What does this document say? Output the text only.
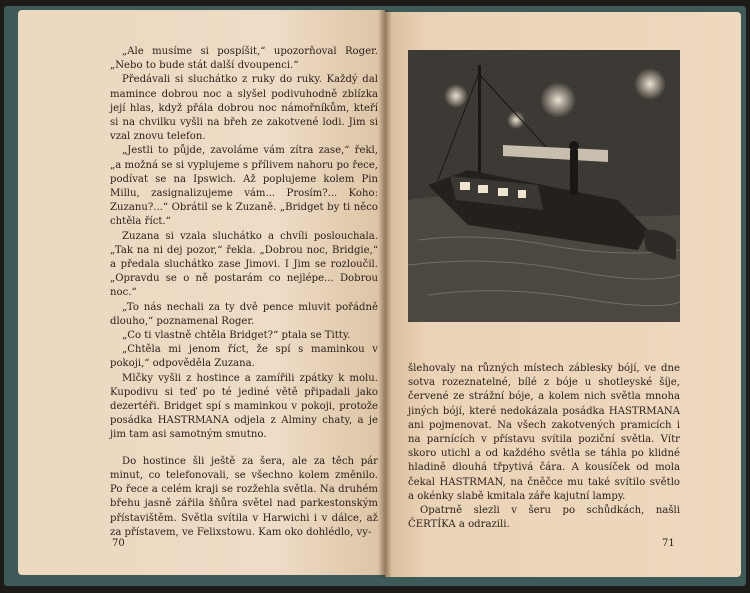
„Ale musíme si pospíšit,“ upozorňoval Roger. „Nebo to bude stát další dvoupenci.“

Předávali si sluchátko z ruky do ruky. Každý dal mamince dobrou noc a slyšel podivuhodně zblízka její hlas, když přála dobrou noc námořníkům, kteří si na chvilku vyšli na břeh ze zakotvené lodi. Jim si vzal znovu telefon.

„Jestli to půjde, zavoláme vám zítra zase,“ řekl, „a možná se si vyplujeme s přílivem nahoru po řece, podívat se na Ipswich. Až poplujeme kolem Pin Millu, zasignalizujeme vám... Prosím?... Kohoː Zuzanu?...“ Obrátil se k Zuzaně. „Bridget by ti něco chtěla říct.“

Zuzana si vzala sluchátko a chvíli poslouchala. „Tak na ni dej pozor,“ řekla. „Dobrou noc, Bridgie,“ a předala sluchátko zase Jimovi. I Jim se rozloučil. „Opravdu se o ně postarám co nejlépe... Dobrou noc.“

„To nás nechali za ty dvě pence mluvit pořádně dlouho,“ poznamenal Roger.

„Co ti vlastně chtěla Bridget?“ ptala se Titty.

„Chtěla mi jenom říct, že spí s maminkou v pokoji,“ odpověděla Zuzana.

Mlčky vyšli z hostince a zamířili zpátky k molu. Kupodivu si teď po té jediné větě připadali jako dezertéři. Bridget spí s maminkou v pokoji, protože posádka HASTRMANA odjela z Alminy chaty, a je jim tam asi samotným smutno.

Do hostince šli ještě za šera, ale za těch pár minut, co telefonovali, se všechno kolem změnilo. Po řece a celém kraji se rozžehla světla. Na druhém břehu jasně zářila šňůra světel nad parkestonským přístavištěm. Světla svítila v Harwichi i v dálce, až za přístavem, ve Felixstowu. Kam oko dohlédlo, vy-

70

šlehovaly na různých místech záblesky bójí, ve dne sotva rozeznatelné, bílé z bóje u shotleyské šíje, červené ze strážní bóje, a kolem nich světla mnoha jiných bójí, které nedokázala posádka HASTRMANA ani pojmenovat. Na všech zakotvených pramicích i na parnících v přístavu svítila poziční světla. Vítr skoro utichl a od každého světla se táhla po klidné hladině dlouhá třpytivá čára. A kousíček od mola čekal HASTRMAN, na čněčce mu také svítilo světlo a okénky slabě kmitala záře kajutní lampy.

Opatrně slezli v šeru po schůdkách, našli ČERTÍKA a odrazili.

71
